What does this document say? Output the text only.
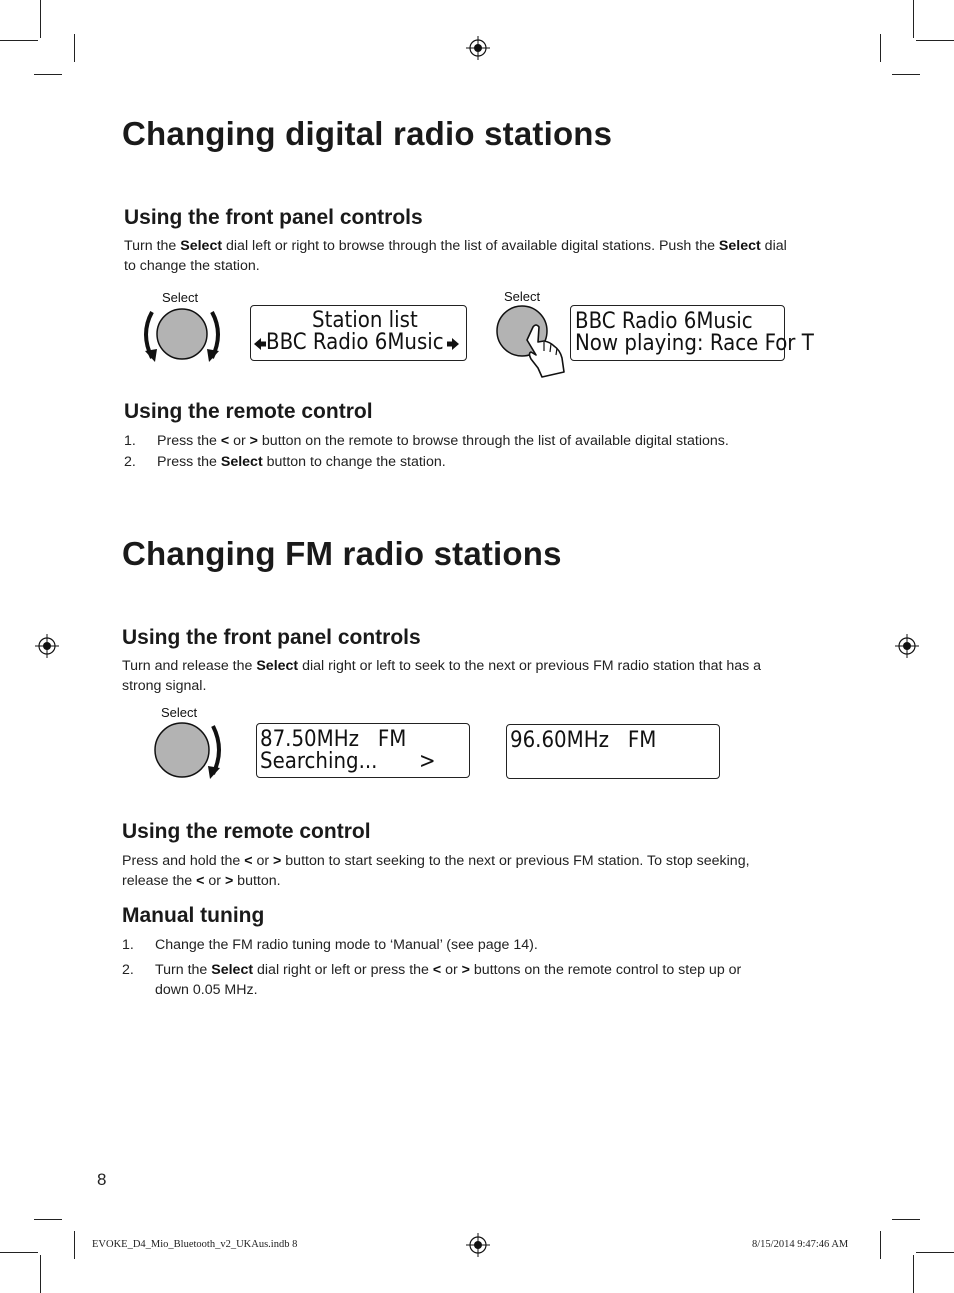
Changing digital radio stations
Using the front panel controls

Turn the Select dial left or right to browse through the list of available digital stations. Push the Select dial
to change the station.

Select
Station list
BBC Radio 6Music
Select
BBC Radio 6Music
Now playing: Race For T
Using the remote control
1. Press the < or > button on the remote to browse through the list of available digital stations.
2. Press the Select button to change the station.
Changing FM radio stations
Using the front panel controls

Turn and release the Select dial right or left to seek to the next or previous FM radio station that has a
strong signal.

Select
87.50MHz   FM
Searching... >
96.60MHz   FM
Using the remote control

Press and hold the < or > button to start seeking to the next or previous FM station. To stop seeking,
release the < or > button.

Manual tuning
1. Change the FM radio tuning mode to ‘Manual’ (see page 14).
2. Turn the Select dial right or left or press the < or > buttons on the remote control to step up or
down 0.05 MHz.
8
EVOKE_D4_Mio_Bluetooth_v2_UKAus.indb 8	8/15/2014 9:47:46 AM
